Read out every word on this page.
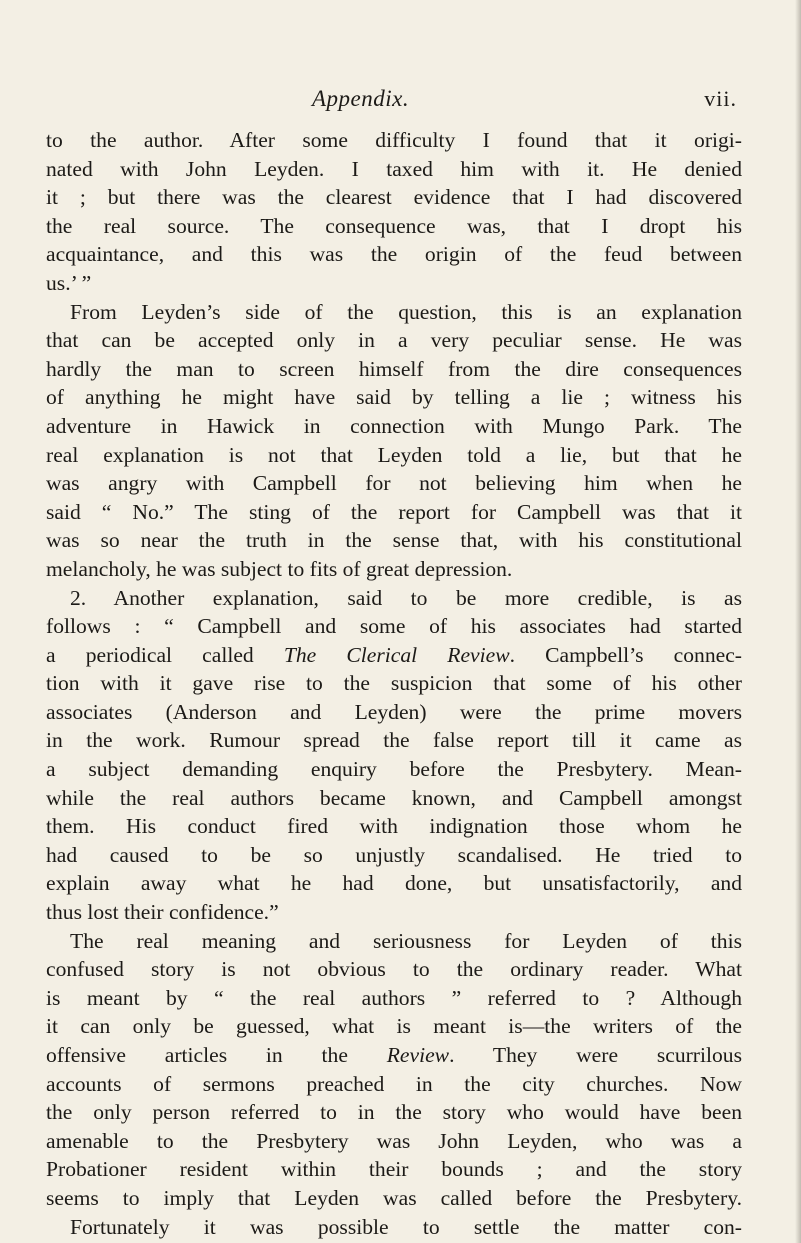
Appendix.	vii.
to the author. After some difficulty I found that it origi-
nated with John Leyden. I taxed him with it. He denied
it ; but there was the clearest evidence that I had discovered
the real source. The consequence was, that I dropt his
acquaintance, and this was the origin of the feud between
us.’ ”
From Leyden’s side of the question, this is an explanation
that can be accepted only in a very peculiar sense. He was
hardly the man to screen himself from the dire consequences
of anything he might have said by telling a lie ; witness his
adventure in Hawick in connection with Mungo Park. The
real explanation is not that Leyden told a lie, but that he
was angry with Campbell for not believing him when he
said “ No.” The sting of the report for Campbell was that it
was so near the truth in the sense that, with his constitutional
melancholy, he was subject to fits of great depression.
2. Another explanation, said to be more credible, is as
follows : “ Campbell and some of his associates had started
a periodical called The Clerical Review. Campbell’s connec-
tion with it gave rise to the suspicion that some of his other
associates (Anderson and Leyden) were the prime movers
in the work. Rumour spread the false report till it came as
a subject demanding enquiry before the Presbytery. Mean-
while the real authors became known, and Campbell amongst
them. His conduct fired with indignation those whom he
had caused to be so unjustly scandalised. He tried to
explain away what he had done, but unsatisfactorily, and
thus lost their confidence.”
The real meaning and seriousness for Leyden of this
confused story is not obvious to the ordinary reader. What
is meant by “ the real authors ” referred to ? Although
it can only be guessed, what is meant is—the writers of the
offensive articles in the Review. They were scurrilous
accounts of sermons preached in the city churches. Now
the only person referred to in the story who would have been
amenable to the Presbytery was John Leyden, who was a
Probationer resident within their bounds ; and the story
seems to imply that Leyden was called before the Presbytery.
Fortunately it was possible to settle the matter con-
